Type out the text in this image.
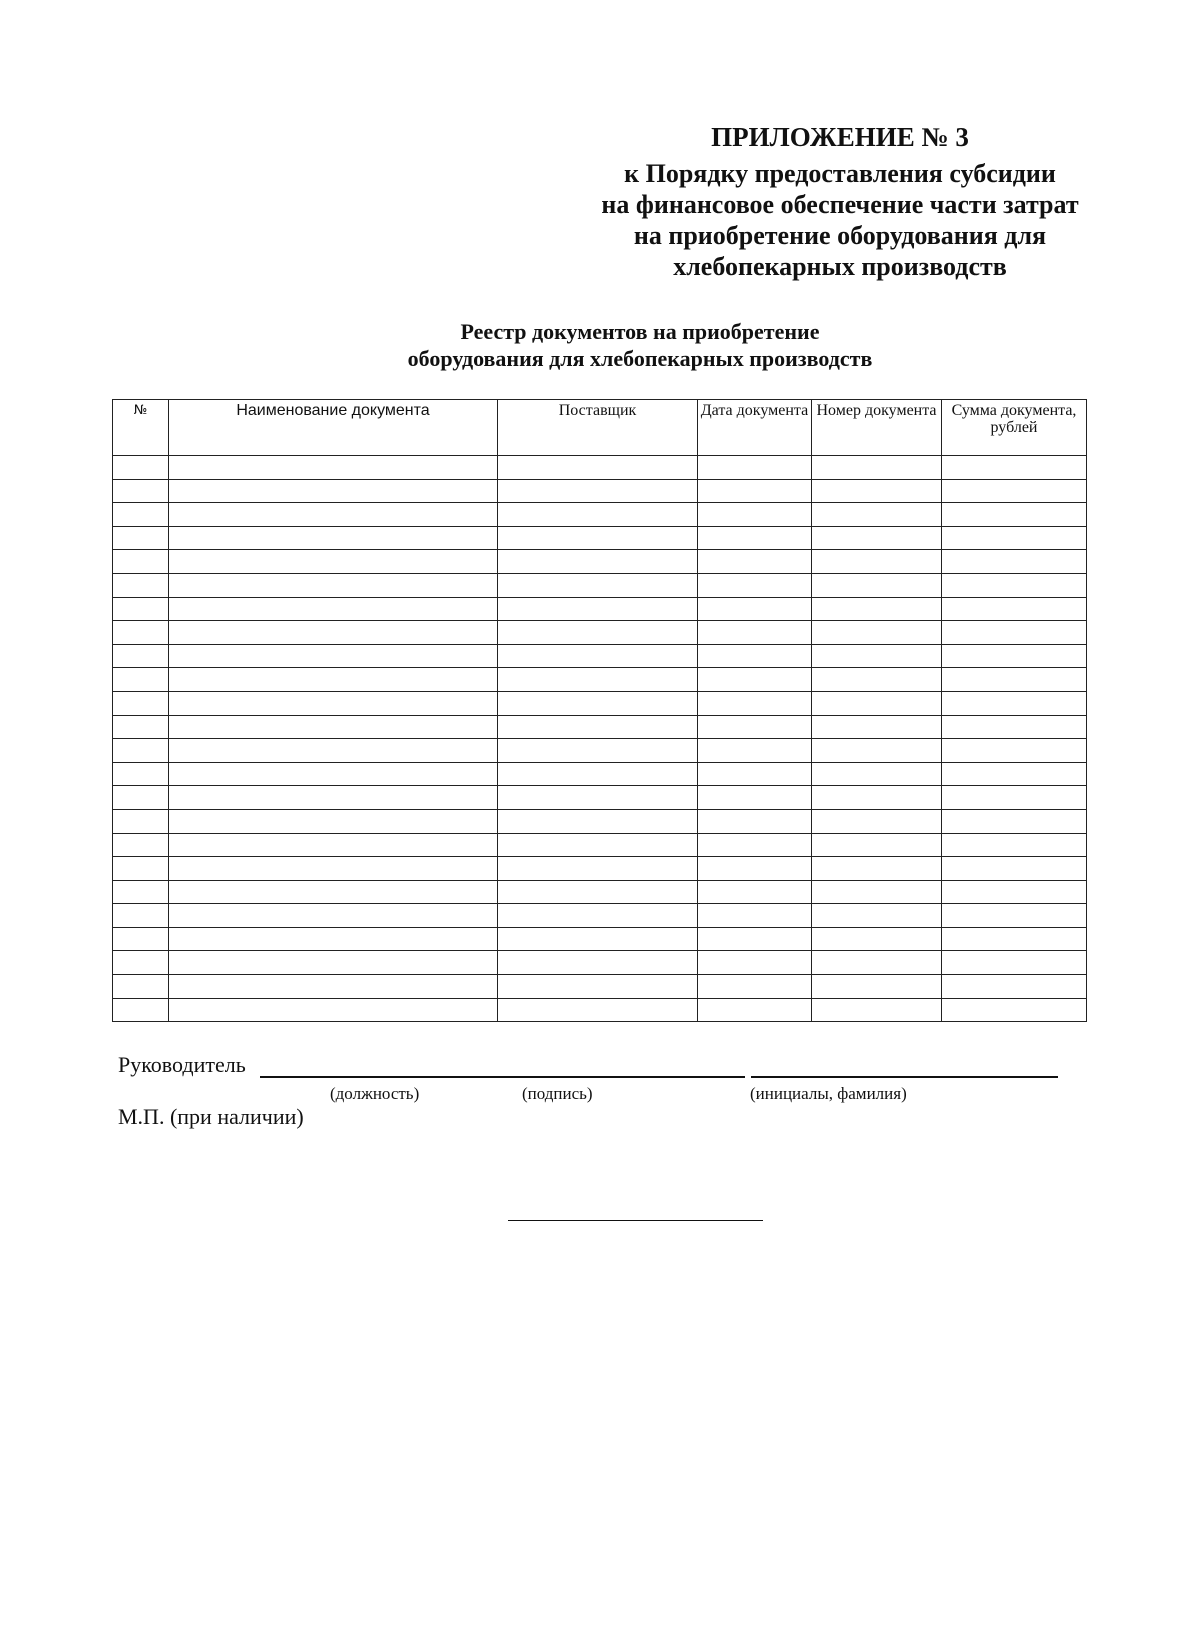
ПРИЛОЖЕНИЕ № 3
к Порядку предоставления субсидии
на финансовое обеспечение части затрат
на приобретение оборудования для
хлебопекарных производств
Реестр документов на приобретение
оборудования для хлебопекарных производств
№	Наименование документа	Поставщик	Дата документа	Номер документа	Сумма документа, рублей

Руководитель
(должность)	(подпись)	(инициалы, фамилия)
М.П. (при наличии)
